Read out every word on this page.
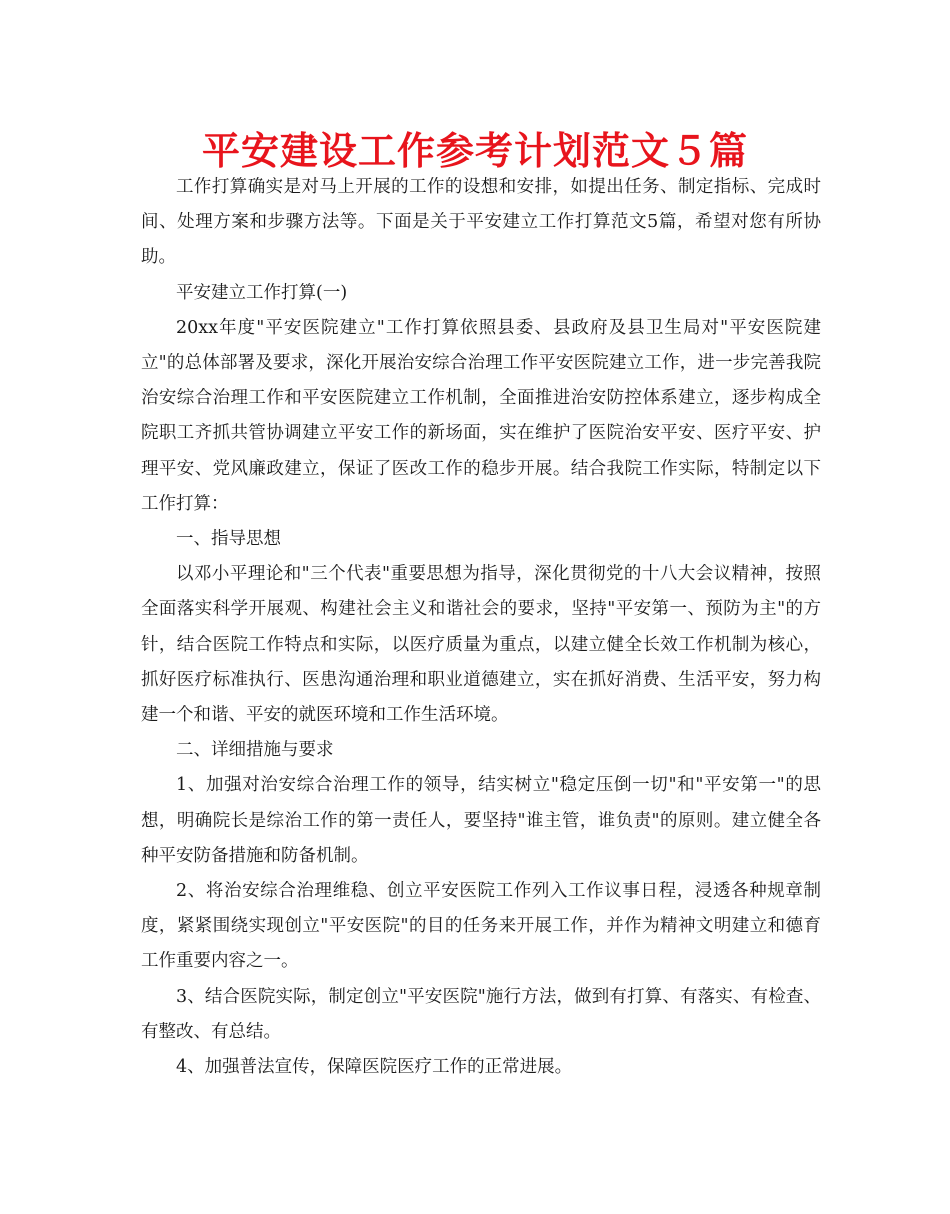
平安建设工作参考计划范文５篇

工作打算确实是对马上开展的工作的设想和安排，如提出任务、制定指标、完成时间、处理方案和步骤方法等。下面是关于平安建立工作打算范文5篇，希望对您有所协助。

平安建立工作打算(一)

20xx年度"平安医院建立"工作打算依照县委、县政府及县卫生局对"平安医院建立"的总体部署及要求，深化开展治安综合治理工作平安医院建立工作，进一步完善我院治安综合治理工作和平安医院建立工作机制，全面推进治安防控体系建立，逐步构成全院职工齐抓共管协调建立平安工作的新场面，实在维护了医院治安平安、医疗平安、护理平安、党风廉政建立，保证了医改工作的稳步开展。结合我院工作实际，特制定以下工作打算：

一、指导思想

以邓小平理论和"三个代表"重要思想为指导，深化贯彻党的十八大会议精神，按照全面落实科学开展观、构建社会主义和谐社会的要求，坚持"平安第一、预防为主"的方针，结合医院工作特点和实际，以医疗质量为重点，以建立健全长效工作机制为核心，抓好医疗标准执行、医患沟通治理和职业道德建立，实在抓好消费、生活平安，努力构建一个和谐、平安的就医环境和工作生活环境。

二、详细措施与要求

1、加强对治安综合治理工作的领导，结实树立"稳定压倒一切"和"平安第一"的思想，明确院长是综治工作的第一责任人，要坚持"谁主管，谁负责"的原则。建立健全各种平安防备措施和防备机制。

2、将治安综合治理维稳、创立平安医院工作列入工作议事日程，浸透各种规章制度，紧紧围绕实现创立"平安医院"的目的任务来开展工作，并作为精神文明建立和德育工作重要内容之一。

3、结合医院实际，制定创立"平安医院"施行方法，做到有打算、有落实、有检查、有整改、有总结。

4、加强普法宣传，保障医院医疗工作的正常进展。
